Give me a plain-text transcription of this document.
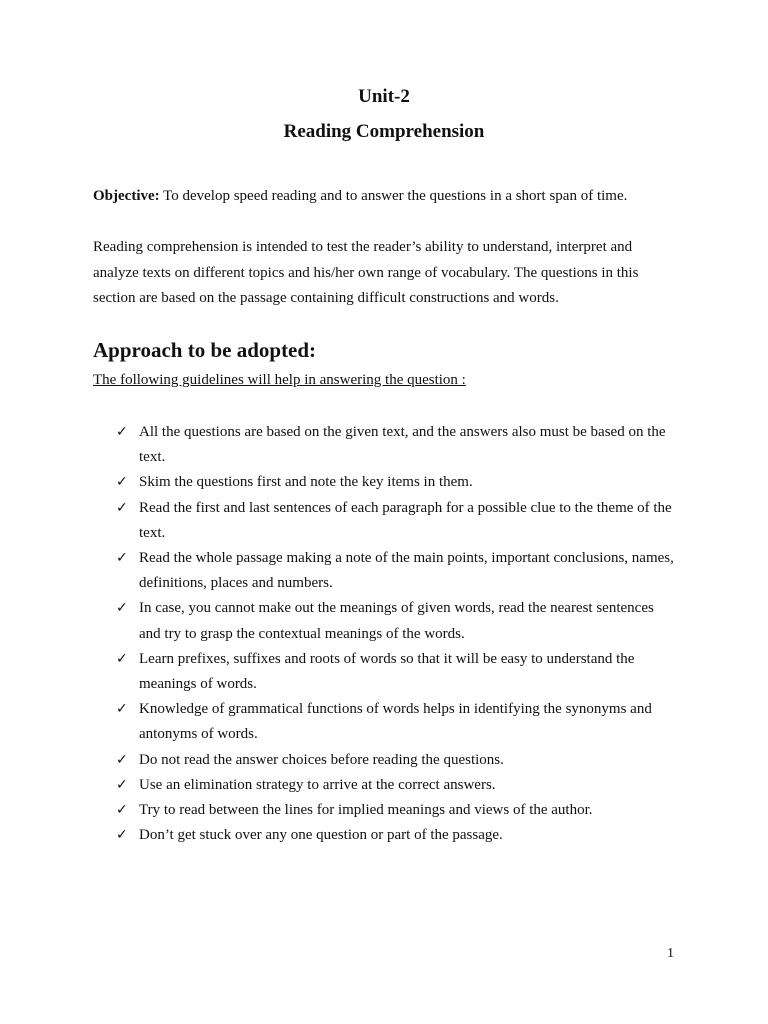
Unit-2
Reading Comprehension
Objective: To develop speed reading and to answer the questions in a short span of time.
Reading comprehension is intended to test the reader’s ability to understand, interpret and analyze texts on different topics and his/her own range of vocabulary. The questions in this section are based on the passage containing difficult constructions and words.
Approach to be adopted:
The following guidelines will help in answering the question :
✓ All the questions are based on the given text, and the answers also must be based on the text.
✓ Skim the questions first and note the key items in them.
✓ Read the first and last sentences of each paragraph for a possible clue to the theme of the text.
✓ Read the whole passage making a note of the main points, important conclusions, names, definitions, places and numbers.
✓ In case, you cannot make out the meanings of given words, read the nearest sentences and try to grasp the contextual meanings of the words.
✓ Learn prefixes, suffixes and roots of words so that it will be easy to understand the meanings of words.
✓ Knowledge of grammatical functions of words helps in identifying the synonyms and antonyms of words.
✓ Do not read the answer choices before reading the questions.
✓ Use an elimination strategy to arrive at the correct answers.
✓ Try to read between the lines for implied meanings and views of the author.
✓ Don’t get stuck over any one question or part of the passage.
1
